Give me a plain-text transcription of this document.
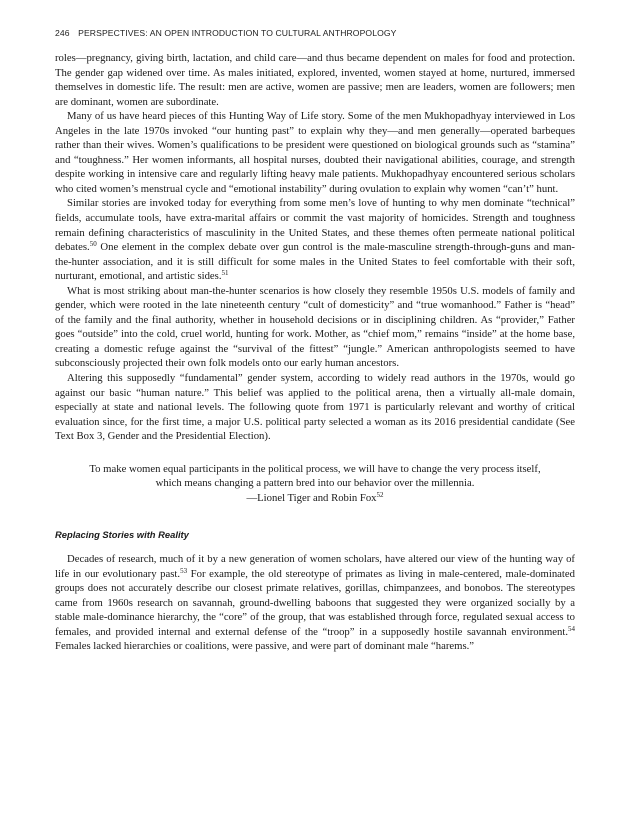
246 PERSPECTIVES: AN OPEN INTRODUCTION TO CULTURAL ANTHROPOLOGY

roles—pregnancy, giving birth, lactation, and child care—and thus became dependent on males for food and protection. The gender gap widened over time. As males initiated, explored, invented, women stayed at home, nurtured, immersed themselves in domestic life. The result: men are active, women are passive; men are leaders, women are followers; men are dominant, women are subordinate.

Many of us have heard pieces of this Hunting Way of Life story. Some of the men Mukhopadhyay interviewed in Los Angeles in the late 1970s invoked “our hunting past” to explain why they—and men generally—operated barbeques rather than their wives. Women’s qualifications to be president were questioned on biological grounds such as “stamina” and “toughness.” Her women informants, all hospital nurses, doubted their navigational abilities, courage, and strength despite working in intensive care and regularly lifting heavy male patients. Mukhopadhyay encountered serious scholars who cited women’s menstrual cycle and “emotional instability” during ovulation to explain why women “can’t” hunt.

Similar stories are invoked today for everything from some men’s love of hunting to why men dominate “technical” fields, accumulate tools, have extra-marital affairs or commit the vast majority of homicides. Strength and toughness remain defining characteristics of masculinity in the United States, and these themes often permeate national political debates.$^{50}$ One element in the complex debate over gun control is the male-masculine strength-through-guns and man-the-hunter association, and it is still difficult for some males in the United States to feel comfortable with their soft, nurturant, emotional, and artistic sides.$^{51}$

What is most striking about man-the-hunter scenarios is how closely they resemble 1950s U.S. models of family and gender, which were rooted in the late nineteenth century “cult of domesticity” and “true womanhood.” Father is “head” of the family and the final authority, whether in household decisions or in disciplining children. As “provider,” Father goes “outside” into the cold, cruel world, hunting for work. Mother, as “chief mom,” remains “inside” at the home base, creating a domestic refuge against the “survival of the fittest” “jungle.” American anthropologists seemed to have subconsciously projected their own folk models onto our early human ancestors.

Altering this supposedly “fundamental” gender system, according to widely read authors in the 1970s, would go against our basic “human nature.” This belief was applied to the political arena, then a virtually all-male domain, especially at state and national levels. The following quote from 1971 is particularly relevant and worthy of critical evaluation since, for the first time, a major U.S. political party selected a woman as its 2016 presidential candidate (See Text Box 3, Gender and the Presidential Election).

To make women equal participants in the political process, we will have to change the very process itself, which means changing a pattern bred into our behavior over the millennia.
—Lionel Tiger and Robin Fox$^{52}$
Replacing Stories with Reality

Decades of research, much of it by a new generation of women scholars, have altered our view of the hunting way of life in our evolutionary past.$^{53}$ For example, the old stereotype of primates as living in male-centered, male-dominated groups does not accurately describe our closest primate relatives, gorillas, chimpanzees, and bonobos. The stereotypes came from 1960s research on savannah, ground-dwelling baboons that suggested they were organized socially by a stable male-dominance hierarchy, the “core” of the group, that was established through force, regulated sexual access to females, and provided internal and external defense of the “troop” in a supposedly hostile savannah environment.$^{54}$ Females lacked hierarchies or coalitions, were passive, and were part of dominant male “harems.”
